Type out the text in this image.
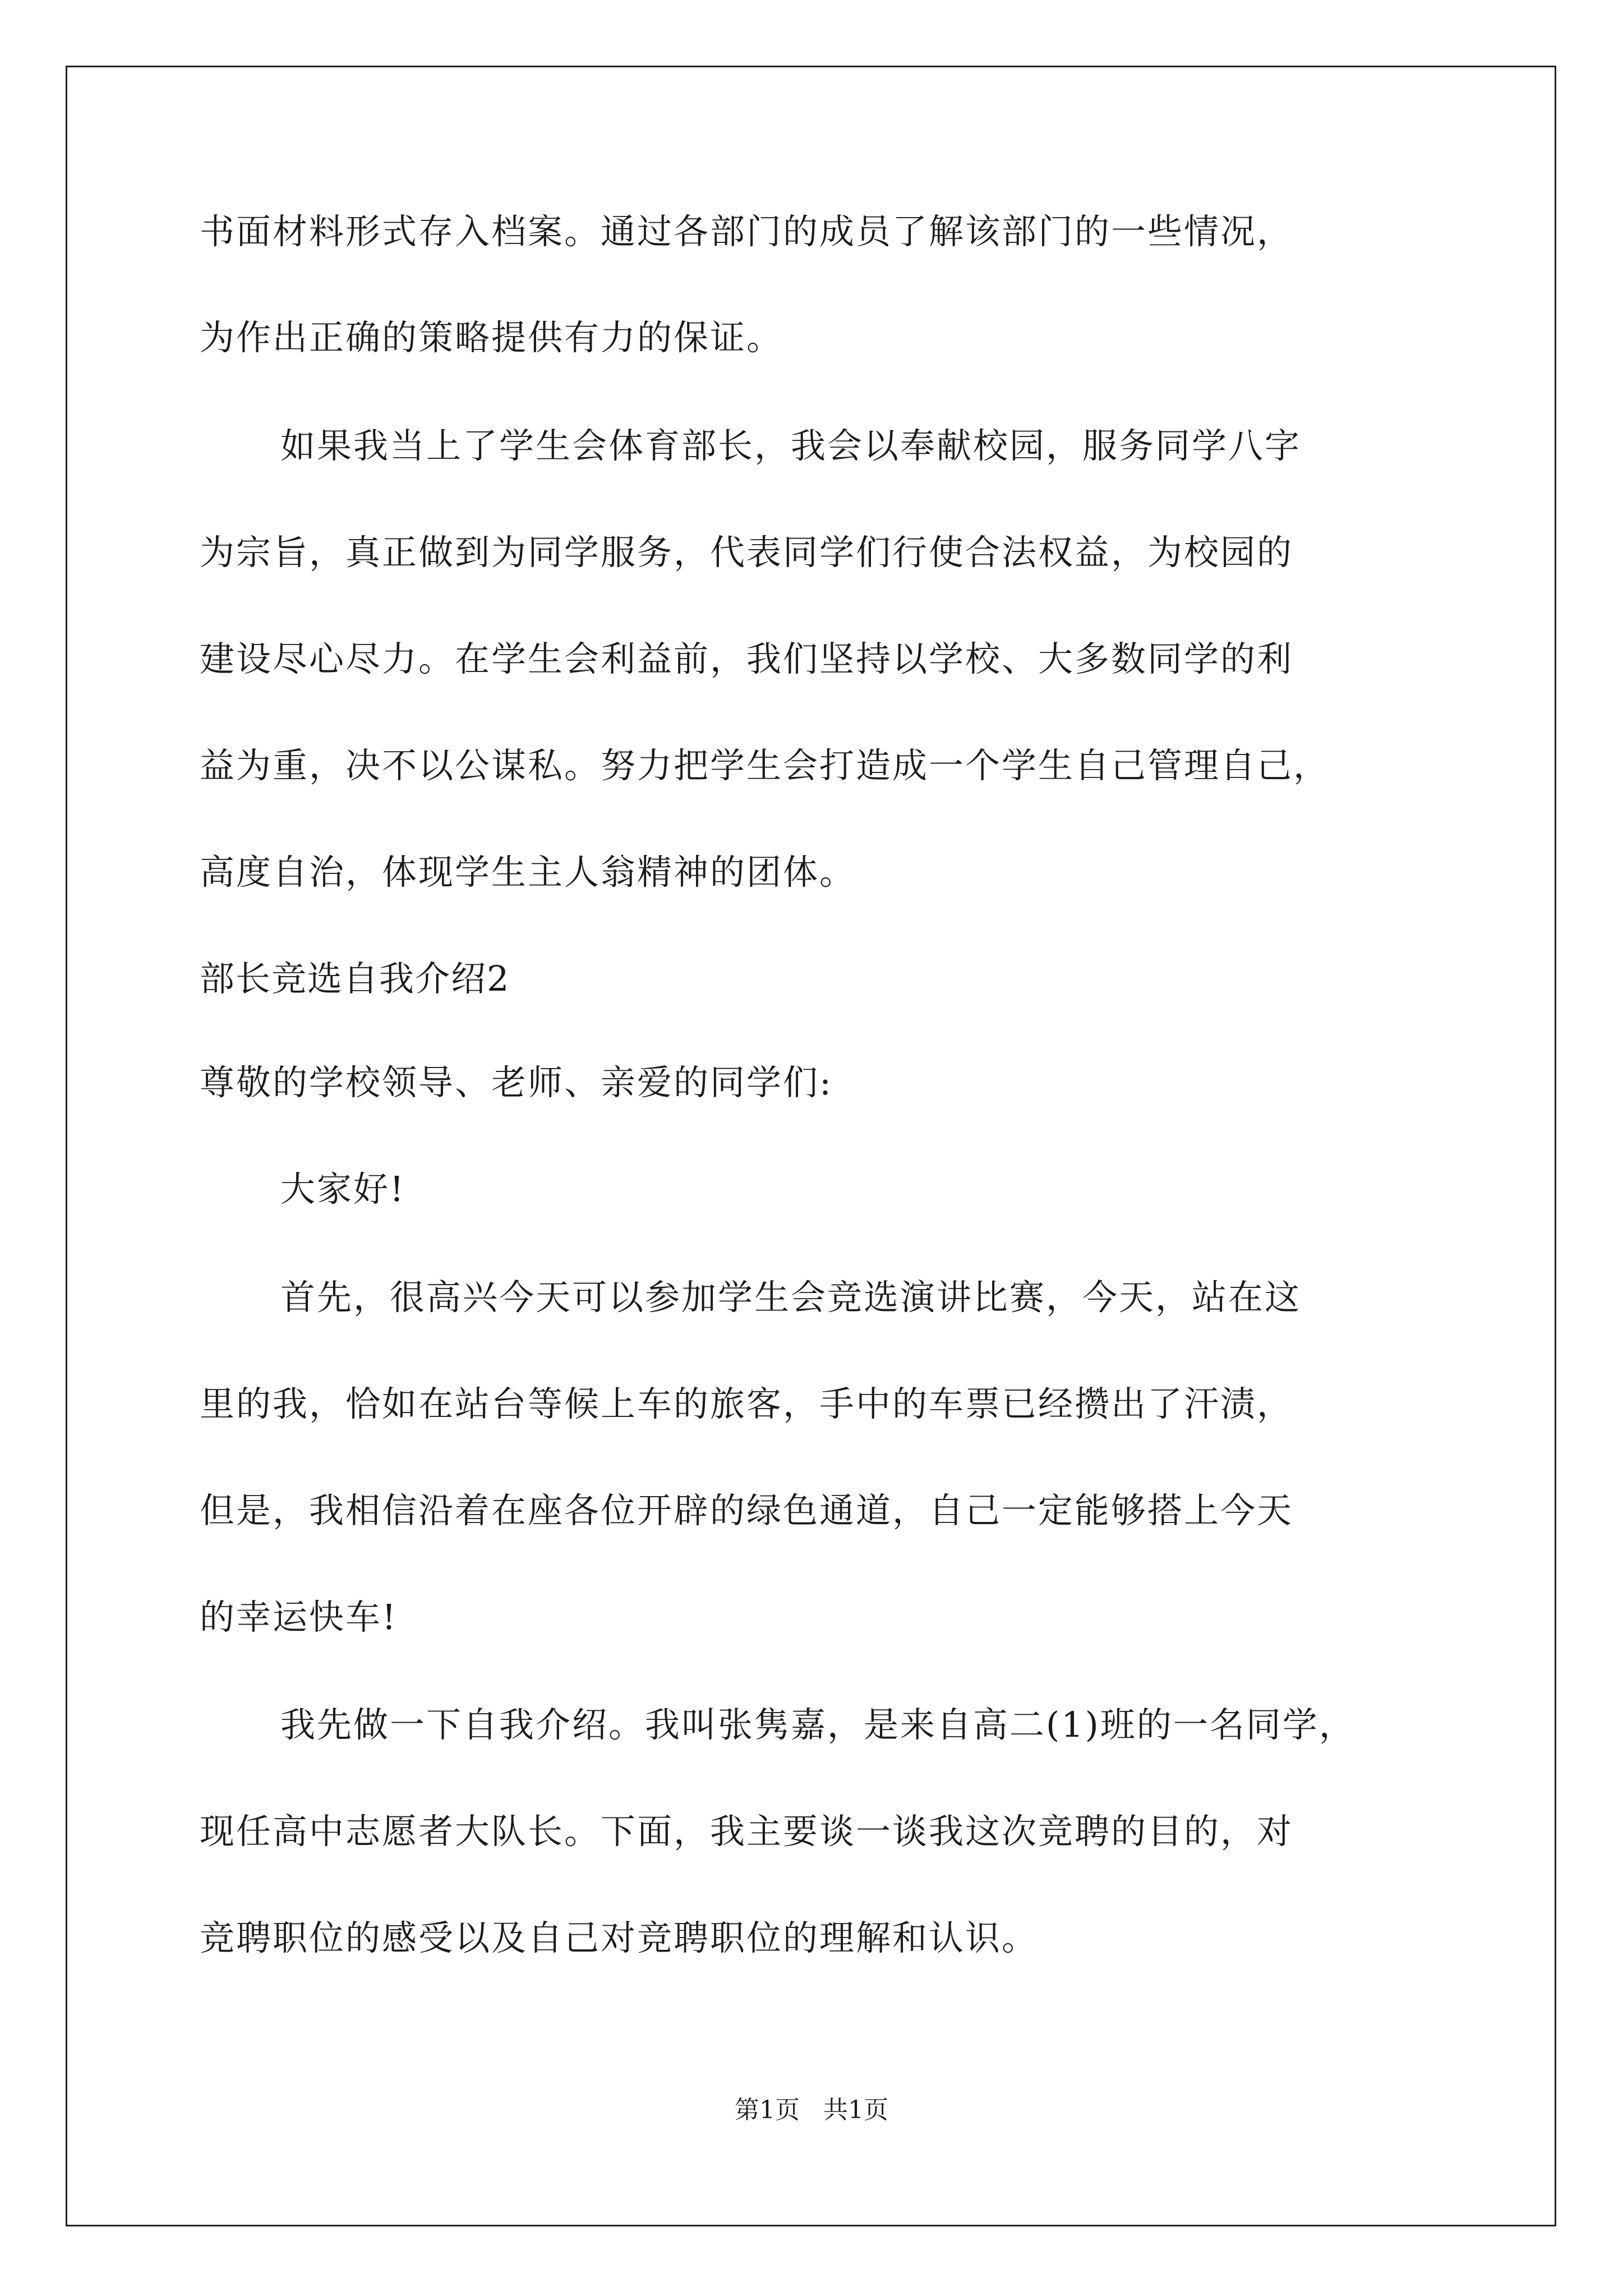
书面材料形式存入档案。通过各部门的成员了解该部门的一些情况，
为作出正确的策略提供有力的保证。
如果我当上了学生会体育部长，我会以奉献校园，服务同学八字
为宗旨，真正做到为同学服务，代表同学们行使合法权益，为校园的
建设尽心尽力。在学生会利益前，我们坚持以学校、大多数同学的利
益为重，决不以公谋私。努力把学生会打造成一个学生自己管理自己，
高度自治，体现学生主人翁精神的团体。
部长竞选自我介绍2
尊敬的学校领导、老师、亲爱的同学们:
大家好!
首先，很高兴今天可以参加学生会竞选演讲比赛，今天，站在这
里的我，恰如在站台等候上车的旅客，手中的车票已经攒出了汗渍，
但是，我相信沿着在座各位开辟的绿色通道，自己一定能够搭上今天
的幸运快车!
我先做一下自我介绍。我叫张隽嘉，是来自高二(1)班的一名同学，
现任高中志愿者大队长。下面，我主要谈一谈我这次竞聘的目的，对
竞聘职位的感受以及自己对竞聘职位的理解和认识。
第1页   共1页
